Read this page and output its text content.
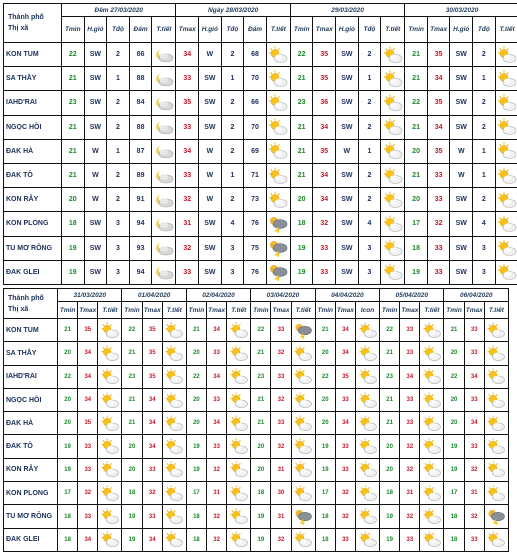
Thành phố
Thị xã	Đêm 27/03/2020					Ngày 28/03/2020					29/03/2020					30/03/2020				
	Tmin	H.gió	Tđộ	Đẩm	T.tiết	Tmax	H.gió	Tđộ	Đẩm	T.tiết	Tmin	Tmax	H.gió	Tđộ	T.tiết	Tmin	Tmax	H.gió	Tđộ	T.tiết
KON TUM	22	SW	2	86		34	W	2	68		22	35	SW	2		21	35	SW	2	

SA THẦY	21	SW	1	88		33	SW	1	70		21	35	SW	1		21	34	SW	1	

IAHD'RAI	23	SW	2	84		35	SW	2	66		23	36	SW	2		22	35	SW	2	

NGỌC HỒI	21	SW	2	88		33	SW	2	70		21	34	SW	2		21	34	SW	2	

ĐAK HÀ	21	W	1	87		34	W	2	69		21	35	W	1		20	35	W	1	

ĐAK TÔ	21	W	2	89		33	W	1	71		21	34	SW	2		21	33	W	1	

KON RẪY	20	W	2	91		32	W	2	73		20	34	SW	2		20	33	SW	2	

KON PLONG	18	SW	3	94		31	SW	4	76		18	32	SW	4		17	32	SW	4	

TU MƠ RÔNG	19	SW	3	93		32	SW	3	75		19	33	SW	3		18	33	SW	3	

ĐAK GLEI	19	SW	3	94		33	SW	3	76		19	33	SW	3		19	33	SW	3	
Thành phố
Thị xã	31/03/2020			01/04/2020			02/04/2020			03/04/2020			04/04/2020			05/04/2020			06/04/2020		
	Tmin	Tmax	T.tiết	Tmin	Tmax	T.tiết	Tmin	Tmax	T.tiết	Tmin	Tmax	T.tiết	Tmin	Tmax	Icon	Tmin	Tmax	T.tiết	Tmin	Tmax	T.tiết
KON TUM	21	35		22	35		21	34		22	33		21	34		22	33		21	33	

SA THẦY	20	34		21	35		20	33		21	32		20	34		21	33		20	33	

IAHD'RAI	22	34		23	35		22	34		23	33		22	35		23	34		22	34	

NGỌC HỒI	20	34		21	34		20	33		21	32		20	33		21	33		20	33	

ĐAK HÀ	20	35		21	34		20	34		21	33		20	34		21	33		20	34	

ĐAK TÔ	19	33		20	34		19	33		20	32		19	33		20	32		19	33	

KON RẪY	19	33		20	33		19	32		20	31		19	33		20	32		19	32	

KON PLONG	17	32		18	32		17	31		18	30		17	32		18	31		17	31	

TU MƠ RÔNG	18	33		19	33		18	32		19	31		18	32		19	32		18	32	

ĐAK GLEI	18	34		19	34		18	32		19	32		18	33		19	33		18	33	
